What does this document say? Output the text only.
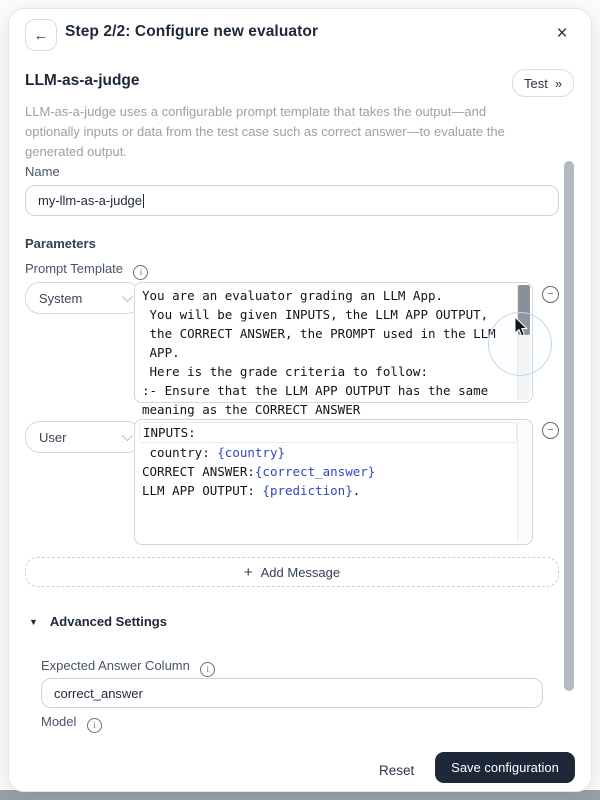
← Step 2/2: Configure new evaluator	×
LLM-as-a-judge	Test »
LLM-as-a-judge uses a configurable prompt template that takes the output—and optionally inputs or data from the test case such as correct answer—to evaluate the generated output.
Name
my-llm-as-a-judge
Parameters
Prompt Template i
System	You are an evaluator grading an LLM App.
You will be given INPUTS, the LLM APP OUTPUT,
the CORRECT ANSWER, the PROMPT used in the LLM
APP.
Here is the grade criteria to follow:
:- Ensure that the LLM APP OUTPUT has the same
meaning as the CORRECT ANSWER
−
User	INPUTS:
country: {country}
CORRECT ANSWER:{correct_answer}
LLM APP OUTPUT: {prediction}.
−
+ Add Message
▼ Advanced Settings
Expected Answer Column i
correct_answer
Model i
Reset	Save configuration
